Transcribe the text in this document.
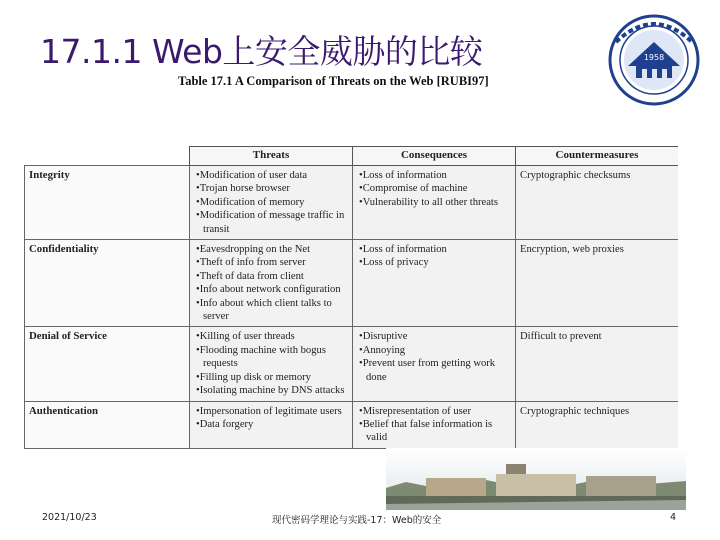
17.1.1 Web上安全威胁的比较	1958
Table 17.1 A Comparison of Threats on the Web [RUBI97]
	Threats	Consequences	Countermeasures
Integrity	•Modification of user data
•Trojan horse browser
•Modification of memory
•Modification of message traffic in transit	•Loss of information
•Compromise of machine
•Vulnerability to all other threats	Cryptographic checksums
Confidentiality	•Eavesdropping on the Net
•Theft of info from server
•Theft of data from client
•Info about network configuration
•Info about which client talks to server	•Loss of information
•Loss of privacy	Encryption, web proxies
Denial of Service	•Killing of user threads
•Flooding machine with bogus requests
•Filling up disk or memory
•Isolating machine by DNS attacks	•Disruptive
•Annoying
•Prevent user from getting work done	Difficult to prevent
Authentication	•Impersonation of legitimate users
•Data forgery	•Misrepresentation of user
•Belief that false information is valid	Cryptographic techniques
2021/10/23	现代密码学理论与实践-17：Web的安全	4
